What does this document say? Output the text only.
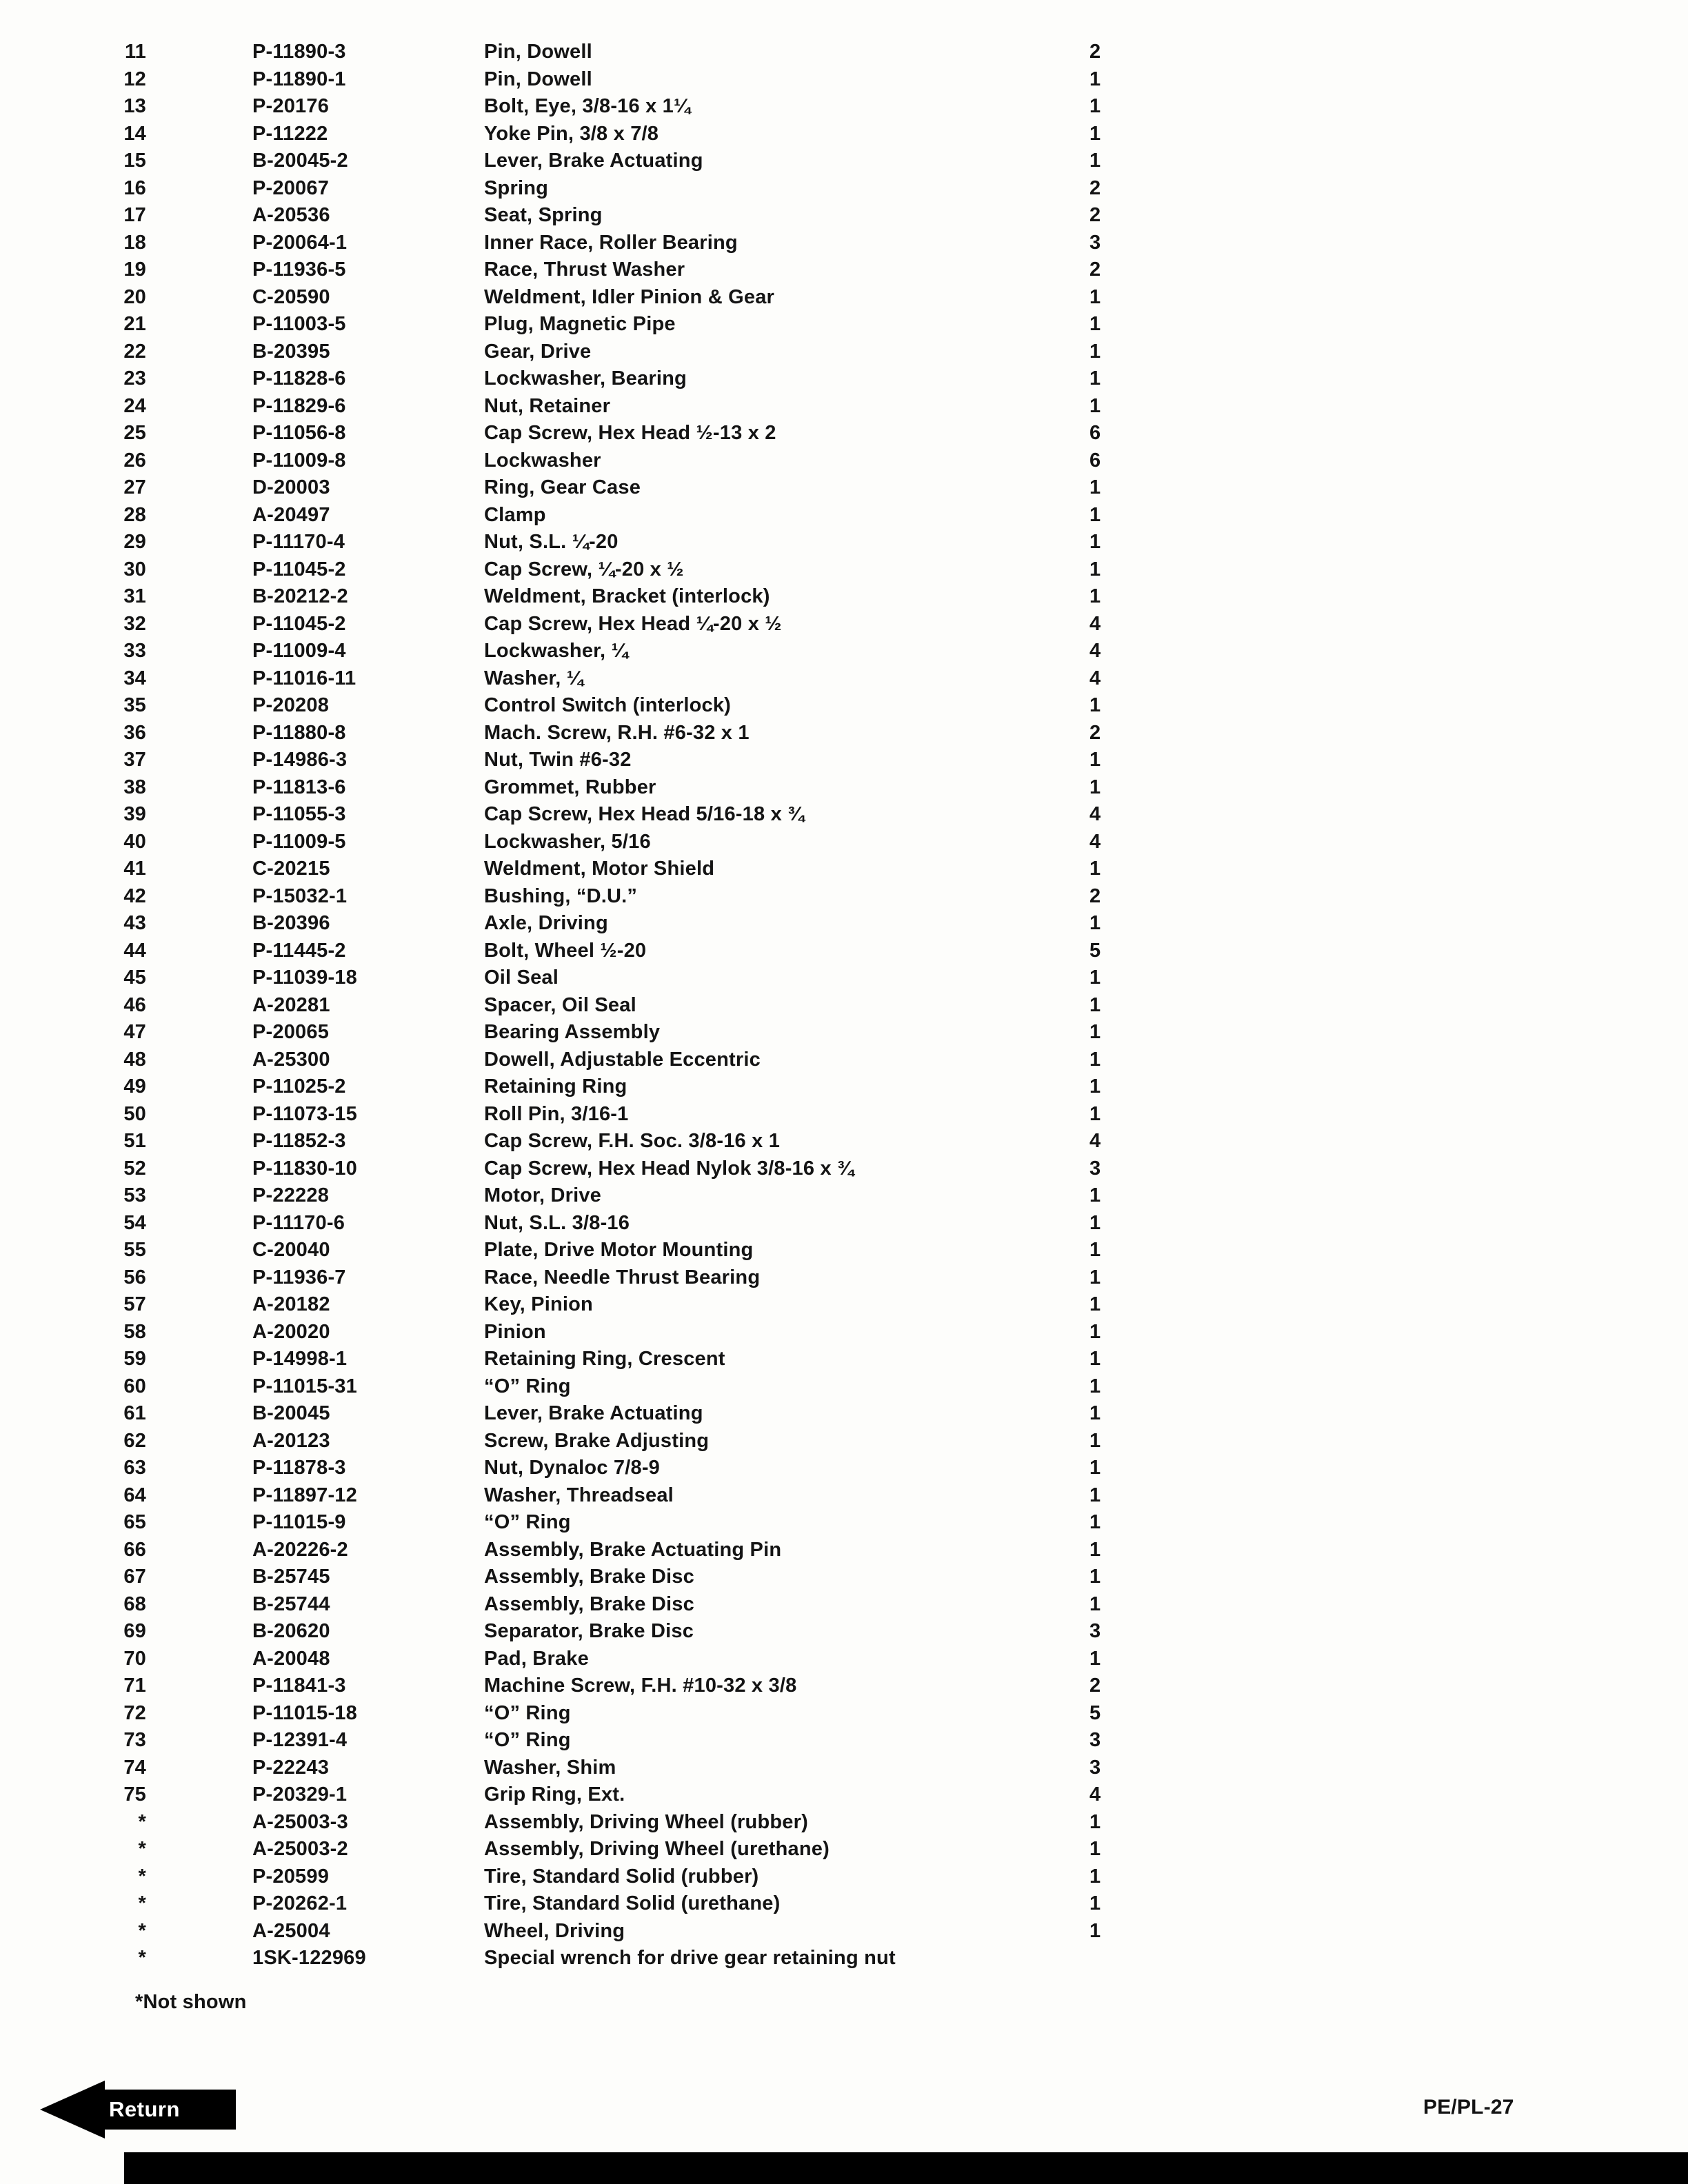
11	P-11890-3	Pin, Dowell	2
12	P-11890-1	Pin, Dowell	1
13	P-20176	Bolt, Eye, 3/8-16 x 1¼	1
14	P-11222	Yoke Pin, 3/8 x 7/8	1
15	B-20045-2	Lever, Brake Actuating	1
16	P-20067	Spring	2
17	A-20536	Seat, Spring	2
18	P-20064-1	Inner Race, Roller Bearing	3
19	P-11936-5	Race, Thrust Washer	2
20	C-20590	Weldment, Idler Pinion & Gear	1
21	P-11003-5	Plug, Magnetic Pipe	1
22	B-20395	Gear, Drive	1
23	P-11828-6	Lockwasher, Bearing	1
24	P-11829-6	Nut, Retainer	1
25	P-11056-8	Cap Screw, Hex Head ½-13 x 2	6
26	P-11009-8	Lockwasher	6
27	D-20003	Ring, Gear Case	1
28	A-20497	Clamp	1
29	P-11170-4	Nut, S.L. ¼-20	1
30	P-11045-2	Cap Screw, ¼-20 x ½	1
31	B-20212-2	Weldment, Bracket (interlock)	1
32	P-11045-2	Cap Screw, Hex Head ¼-20 x ½	4
33	P-11009-4	Lockwasher, ¼	4
34	P-11016-11	Washer, ¼	4
35	P-20208	Control Switch (interlock)	1
36	P-11880-8	Mach. Screw, R.H. #6-32 x 1	2
37	P-14986-3	Nut, Twin #6-32	1
38	P-11813-6	Grommet, Rubber	1
39	P-11055-3	Cap Screw, Hex Head 5/16-18 x ¾	4
40	P-11009-5	Lockwasher, 5/16	4
41	C-20215	Weldment, Motor Shield	1
42	P-15032-1	Bushing, “D.U.”	2
43	B-20396	Axle, Driving	1
44	P-11445-2	Bolt, Wheel ½-20	5
45	P-11039-18	Oil Seal	1
46	A-20281	Spacer, Oil Seal	1
47	P-20065	Bearing Assembly	1
48	A-25300	Dowell, Adjustable Eccentric	1
49	P-11025-2	Retaining Ring	1
50	P-11073-15	Roll Pin, 3/16-1	1
51	P-11852-3	Cap Screw, F.H. Soc. 3/8-16 x 1	4
52	P-11830-10	Cap Screw, Hex Head Nylok 3/8-16 x ¾	3
53	P-22228	Motor, Drive	1
54	P-11170-6	Nut, S.L. 3/8-16	1
55	C-20040	Plate, Drive Motor Mounting	1
56	P-11936-7	Race, Needle Thrust Bearing	1
57	A-20182	Key, Pinion	1
58	A-20020	Pinion	1
59	P-14998-1	Retaining Ring, Crescent	1
60	P-11015-31	“O” Ring	1
61	B-20045	Lever, Brake Actuating	1
62	A-20123	Screw, Brake Adjusting	1
63	P-11878-3	Nut, Dynaloc 7/8-9	1
64	P-11897-12	Washer, Threadseal	1
65	P-11015-9	“O” Ring	1
66	A-20226-2	Assembly, Brake Actuating Pin	1
67	B-25745	Assembly, Brake Disc	1
68	B-25744	Assembly, Brake Disc	1
69	B-20620	Separator, Brake Disc	3
70	A-20048	Pad, Brake	1
71	P-11841-3	Machine Screw, F.H. #10-32 x 3/8	2
72	P-11015-18	“O” Ring	5
73	P-12391-4	“O” Ring	3
74	P-22243	Washer, Shim	3
75	P-20329-1	Grip Ring, Ext.	4
*	A-25003-3	Assembly, Driving Wheel (rubber)	1
*	A-25003-2	Assembly, Driving Wheel (urethane)	1
*	P-20599	Tire, Standard Solid (rubber)	1
*	P-20262-1	Tire, Standard Solid (urethane)	1
*	A-25004	Wheel, Driving	1
*	1SK-122969	Special wrench for drive gear retaining nut
*Not shown
PE/PL-27
Return
